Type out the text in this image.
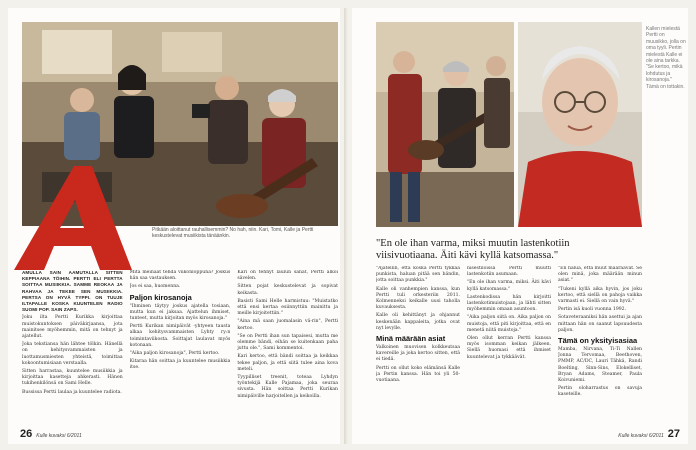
Pitkään aloittanut rauhallisemmin? No hah, niin. Kari, Tomi, Kalle ja Pertti keskustelevat musiikista tänäänkin.

AMULLA SAIN AAMUTALLA SITTEN KEPPIAANA TÖIHIN. PERTTI ELI PERTTA SOITTAA MUSIIKKIA. SAMME REOKAA JA RAHVAA JA TEKEE SEN MUSIIKKIA. PERTSA ON HYVÄ TYPPI. ON TUUJE ILTAPALLE KOSKA KUUNTELEN RADIO SUOMI POP. SAIN ZAPS.

Joku ilta Pertti Kurikka kirjoittaa muistokuntoksen päiväkirjaansa, jota mainitsee myöhemmin, mitä on tehnyt ja ajatellut.

Joka tekstiansa hän lähtee tölkin. Hänellä on kehitysvammaisten ja luottamusmiesten yhteistä, toimittaa kokoontumisiaan verstaalla.

Sitten harrastaa, kuuntelee musiikkia ja kirjoittaa kasetteja ahkerasti. Hänen tukihenkilönsä on Sami Helle.

Bussissa Pertti laulaa ja kuuntelee radiota.

Mitä meinaat tehdä viikonloppuna? Joskus hän saa vastauksen.

Jos ei saa, huomenna.

Paljon kirosanoja

"Ihminen täytyy joskus ajatella tosiaan, mutta kun ei jaksaa. Ajattelun ihmiset, tunteet, mutta kirjoitan myös kirosanoja."

Pertti Kurikan nimipäivät -yhtyeen tausta alkaa kehitysvammaisten Lyhty ry:n toimintaviikosta. Soittajat laulavat myös kotonaan.

"Aika paljon kirosanoja", Pertti kertoo.

Kitaraa hän soittaa ja kuuntelee musiikkia itse.

Kari on tehnyt laulun sanat, Pertti alkoi sävelen.

Sitten pojat keskustelevat ja sopivat keikasta.

Basisti Sami Helle harmistuu: "Muistatko että ensi kertaa esiinnyttiin mainittu ja meille kirjoitettiin."

"Aina mä saan juomalasin vä-rin", Pertti kertoo.

"Se on Pertti ihan sun tapaisesi, mutta me olemme bändi, eihän se kuitenkaan paha juttu ole.", Sami kommentoi.

Kari kertoo, että bändi soittaa ja keikkaa tekee paljon, ja että siitä tulee aina kova meteli.

Tyypilliset treenit, toteaa Lyhdyn työntekijä Kalle Pajamaa, joka seuraa sivusta. Hän soittaa Pertti Kurikan nimipäiville harjoitellen ja keikoilla.

26 Kulle kuvaksi 6/2011
Kallen mielestä Pertti on muusikko, jolla on oma tyyli. Pertin mielestä Kalle ei ole aina tarkka. "Se kertoo, mikä lohdutus ja kirosanoja." Tämä on tottakin.
"En ole ihan varma, miksi muutin lastenkotiin viisivuotiaana. Äiti kävi kyllä katsomassa."

"Ajatellin, että koska Pertti tykkää punkista, haluan pitää sen bändin, jotta soittaa punkkia."

Kalle oli vanhempien kanssa, kun Pertti tuli orkesteriin 2011. Kolmenneksi keikalle uusi taholla kuvauksesta.

Kalle oli kehittänyt ja ohjannut keskenään kappaleita, jotka ovat nyt levylle.

Minä määrään asiat

Valkoinen muovisen kolkkeutsaa kavereille ja joka kertoo sitten, että ei tiedä.

Pertti on ollut koko elämänsä Kalle ja Pertin kanssa. Hän toi yli 50-vuotiaana.

nisestiloissa Pertti muutti lastenkotiin asumaan.

"En ole ihan varma, miksi. Äiti kävi kyllä katsomassa."

Lastenkodissa hän kirjoitti lastenkotimuistojaan, ja lähti sitten myöhemmin omaan asuntoon.

"Aika paljon siitä on. Aika paljon on muistoja, että piti kirjoittaa, että en menetä niitä muistoja."

Olen ollut kerran Pertti kanssa myös isomman keikan jälkeen. Siellä huomasi että ihmiset kuuntelevat ja tykkäävät.

"En halua, että muut määräävät. Se olen minä, joka määrään minun asiat."

"Tukeni kyllä aika hyvin, jos joku kertoo, että siellä on pahoja vaikka varmasti ei. Siellä on vain hyvä."

Pertin isä kuoli vuonna 1992.

Sotaveteraaniksi hän asettui ja ajan mittaan hän on saanut lapsuudesta paljon.

Tämä on yksityisasiaa

Mamba, Nirvana, Ti-Ti Nallen Jonna Tervomaa, Beethoven, PMMP, AC/DC, Lauri Tähkä, Randi Boelting, Sinn-Sins, Elokelliset, Bryan Adams, Steamer, Paula Koivuniemi.

Pertin oloharrastus on savuja kaseteille.

Kulle kuvaksi 6/2011 27
